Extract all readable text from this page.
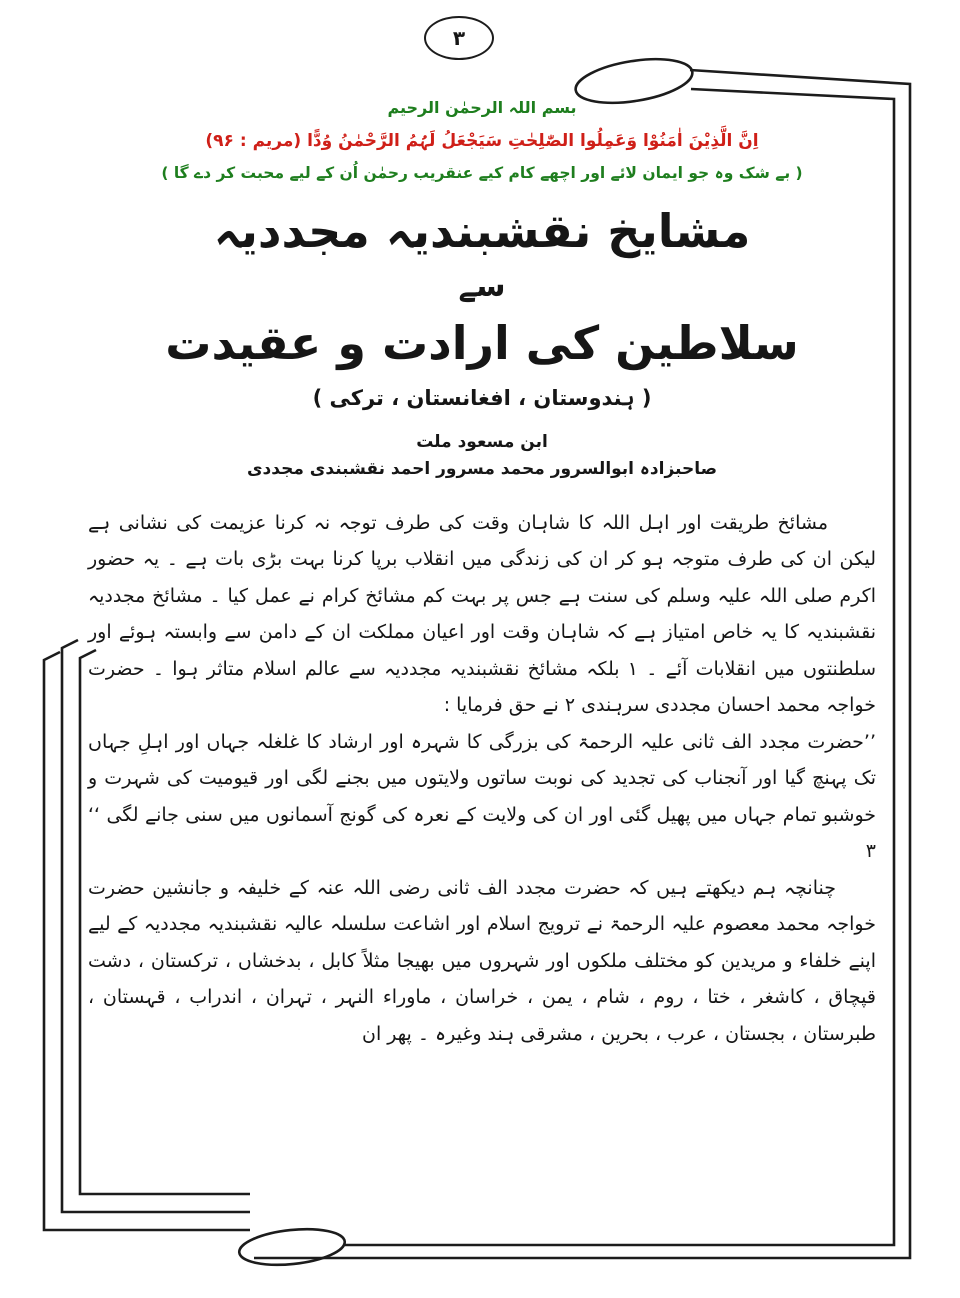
۳
بسم اللہ الرحمٰن الرحیم
اِنَّ الَّذِیْنَ اٰمَنُوْا وَعَمِلُوا الصّٰلِحٰتِ سَیَجْعَلُ لَہُمُ الرَّحْمٰنُ وُدًّا (مریم : ۹۶)
( بے شک وہ جو ایمان لائے اور اچھے کام کیے عنقریب رحمٰن اُن کے لیے محبت کر دے گا )
مشایخ نقشبندیہ مجددیہ
سے
سلاطین کی ارادت و عقیدت
( ہندوستان ، افغانستان ، ترکی )
ابن مسعود ملت
صاحبزادہ ابوالسرور محمد مسرور احمد نقشبندی مجددی

مشائخ طریقت اور اہل اللہ کا شاہان وقت کی طرف توجہ نہ کرنا عزیمت کی نشانی ہے لیکن ان کی طرف متوجہ ہو کر ان کی زندگی میں انقلاب برپا کرنا بہت بڑی بات ہے ۔ یہ حضور اکرم صلی اللہ علیہ وسلم کی سنت ہے جس پر بہت کم مشائخ کرام نے عمل کیا ۔ مشائخ مجددیہ نقشبندیہ کا یہ خاص امتیاز ہے کہ شاہان وقت اور اعیان مملکت ان کے دامن سے وابستہ ہوئے اور سلطنتوں میں انقلابات آئے ۔ ۱ بلکہ مشائخ نقشبندیہ مجددیہ سے عالم اسلام متاثر ہوا ۔ حضرت خواجہ محمد احسان مجددی سرہندی ۲ نے حق فرمایا :

’’حضرت مجدد الف ثانی علیہ الرحمۃ کی بزرگی کا شہرہ اور ارشاد کا غلغلہ جہاں اور اہلِ جہاں تک پہنچ گیا اور آنجناب کی تجدید کی نوبت ساتوں ولایتوں میں بجنے لگی اور قیومیت کی شہرت و خوشبو تمام جہاں میں پھیل گئی اور ان کی ولایت کے نعرہ کی گونج آسمانوں میں سنی جانے لگی ‘‘ ۳

چنانچہ ہم دیکھتے ہیں کہ حضرت مجدد الف ثانی رضی اللہ عنہ کے خلیفہ و جانشین حضرت خواجہ محمد معصوم علیہ الرحمۃ نے ترویج اسلام اور اشاعت سلسلہ عالیہ نقشبندیہ مجددیہ کے لیے اپنے خلفاء و مریدین کو مختلف ملکوں اور شہروں میں بھیجا مثلاً کابل ، بدخشاں ، ترکستان ، دشت قپچاق ، کاشغر ، ختا ، روم ، شام ، یمن ، خراسان ، ماوراء النہر ، تہران ، اندراب ، قہستان ، طبرستان ، بجستان ، عرب ، بحرین ، مشرقی ہند وغیرہ ۔ پھر ان
